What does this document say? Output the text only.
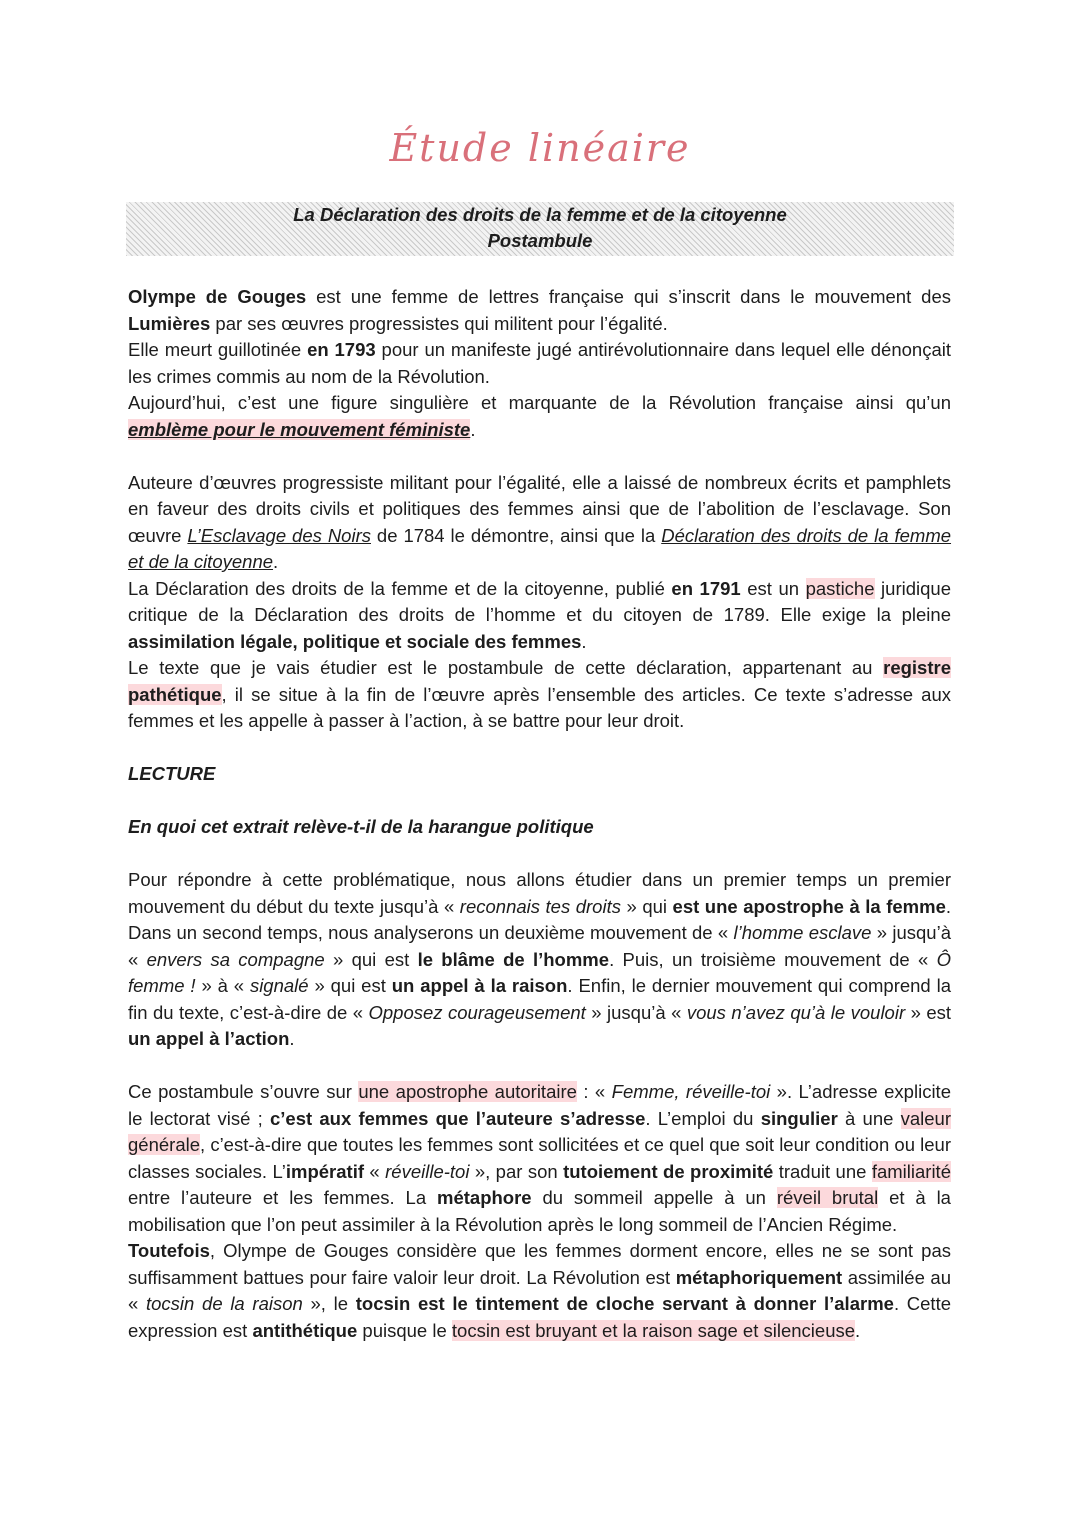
Étude linéaire
La Déclaration des droits de la femme et de la citoyenne
Postambule

Olympe de Gouges est une femme de lettres française qui s’inscrit dans le mouvement des Lumières par ses œuvres progressistes qui militent pour l’égalité.
Elle meurt guillotinée en 1793 pour un manifeste jugé antirévolutionnaire dans lequel elle dénonçait les crimes commis au nom de la Révolution.
Aujourd’hui, c’est une figure singulière et marquante de la Révolution française ainsi qu’un emblème pour le mouvement féministe.

Auteure d’œuvres progressiste militant pour l’égalité, elle a laissé de nombreux écrits et pamphlets en faveur des droits civils et politiques des femmes ainsi que de l’abolition de l’esclavage. Son œuvre L’Esclavage des Noirs de 1784 le démontre, ainsi que la Déclaration des droits de la femme et de la citoyenne.
La Déclaration des droits de la femme et de la citoyenne, publié en 1791 est un pastiche juridique critique de la Déclaration des droits de l’homme et du citoyen de 1789. Elle exige la pleine assimilation légale, politique et sociale des femmes.
Le texte que je vais étudier est le postambule de cette déclaration, appartenant au registre pathétique, il se situe à la fin de l’œuvre après l’ensemble des articles. Ce texte s’adresse aux femmes et les appelle à passer à l’action, à se battre pour leur droit.

LECTURE

En quoi cet extrait relève-t-il de la harangue politique

Pour répondre à cette problématique, nous allons étudier dans un premier temps un premier mouvement du début du texte jusqu’à « reconnais tes droits » qui est une apostrophe à la femme. Dans un second temps, nous analyserons un deuxième mouvement de « l’homme esclave » jusqu’à « envers sa compagne » qui est le blâme de l’homme. Puis, un troisième mouvement de « Ô femme ! » à « signalé » qui est un appel à la raison. Enfin, le dernier mouvement qui comprend la fin du texte, c’est-à-dire de « Opposez courageusement » jusqu’à « vous n’avez qu’à le vouloir » est un appel à l’action.

Ce postambule s’ouvre sur une apostrophe autoritaire : « Femme, réveille-toi ». L’adresse explicite le lectorat visé ; c’est aux femmes que l’auteure s’adresse. L’emploi du singulier à une valeur générale, c’est-à-dire que toutes les femmes sont sollicitées et ce quel que soit leur condition ou leur classes sociales. L’impératif « réveille-toi », par son tutoiement de proximité traduit une familiarité entre l’auteure et les femmes. La métaphore du sommeil appelle à un réveil brutal et à la mobilisation que l’on peut assimiler à la Révolution après le long sommeil de l’Ancien Régime.
Toutefois, Olympe de Gouges considère que les femmes dorment encore, elles ne se sont pas suffisamment battues pour faire valoir leur droit. La Révolution est métaphoriquement assimilée au « tocsin de la raison », le tocsin est le tintement de cloche servant à donner l’alarme. Cette expression est antithétique puisque le tocsin est bruyant et la raison sage et silencieuse.
